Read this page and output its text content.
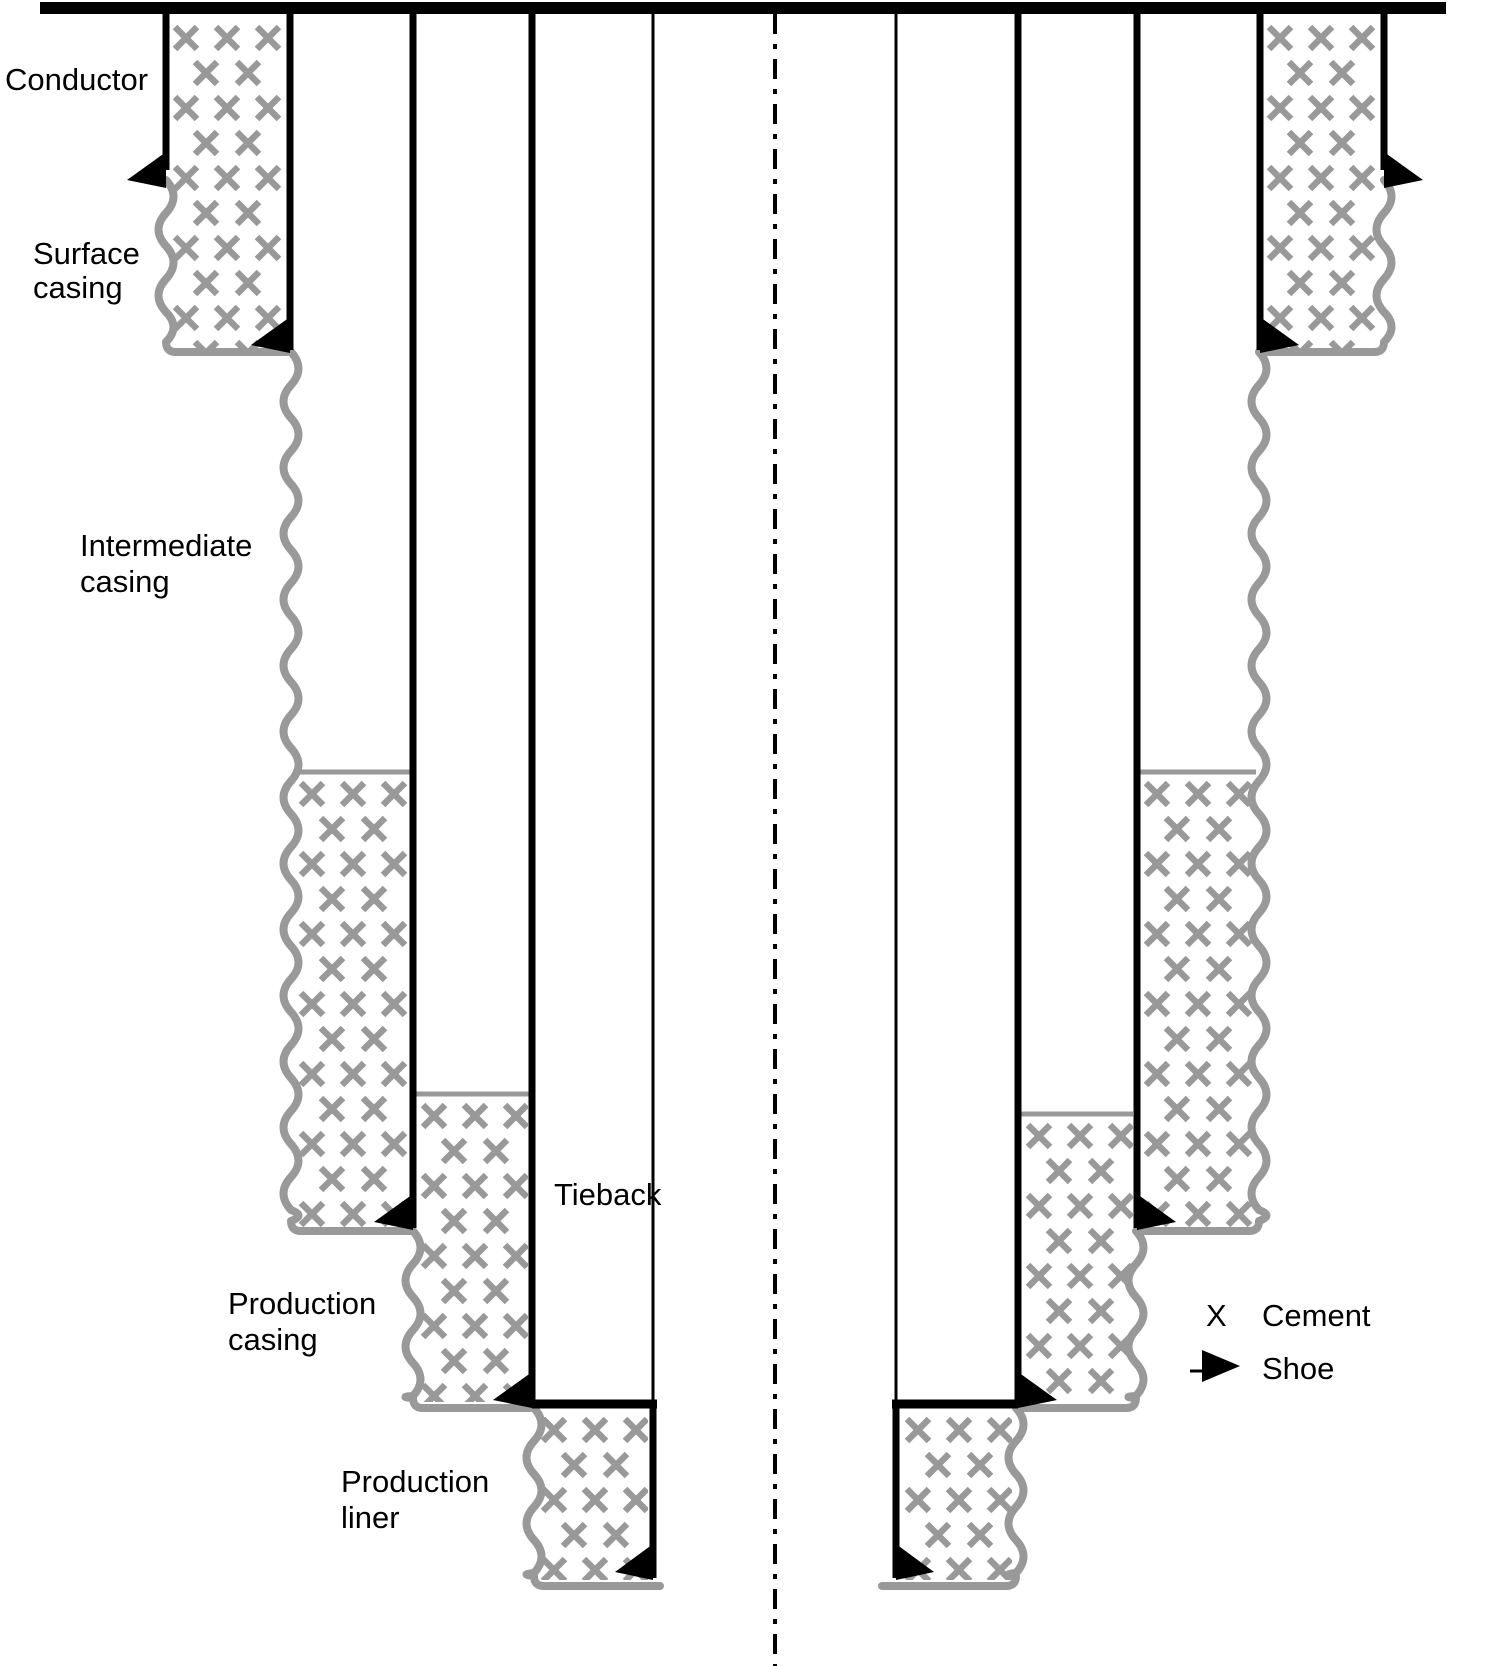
Conductor
Surface
casing
Intermediate
casing
Production
casing
Tieback
Production
liner
X Cement
Shoe
